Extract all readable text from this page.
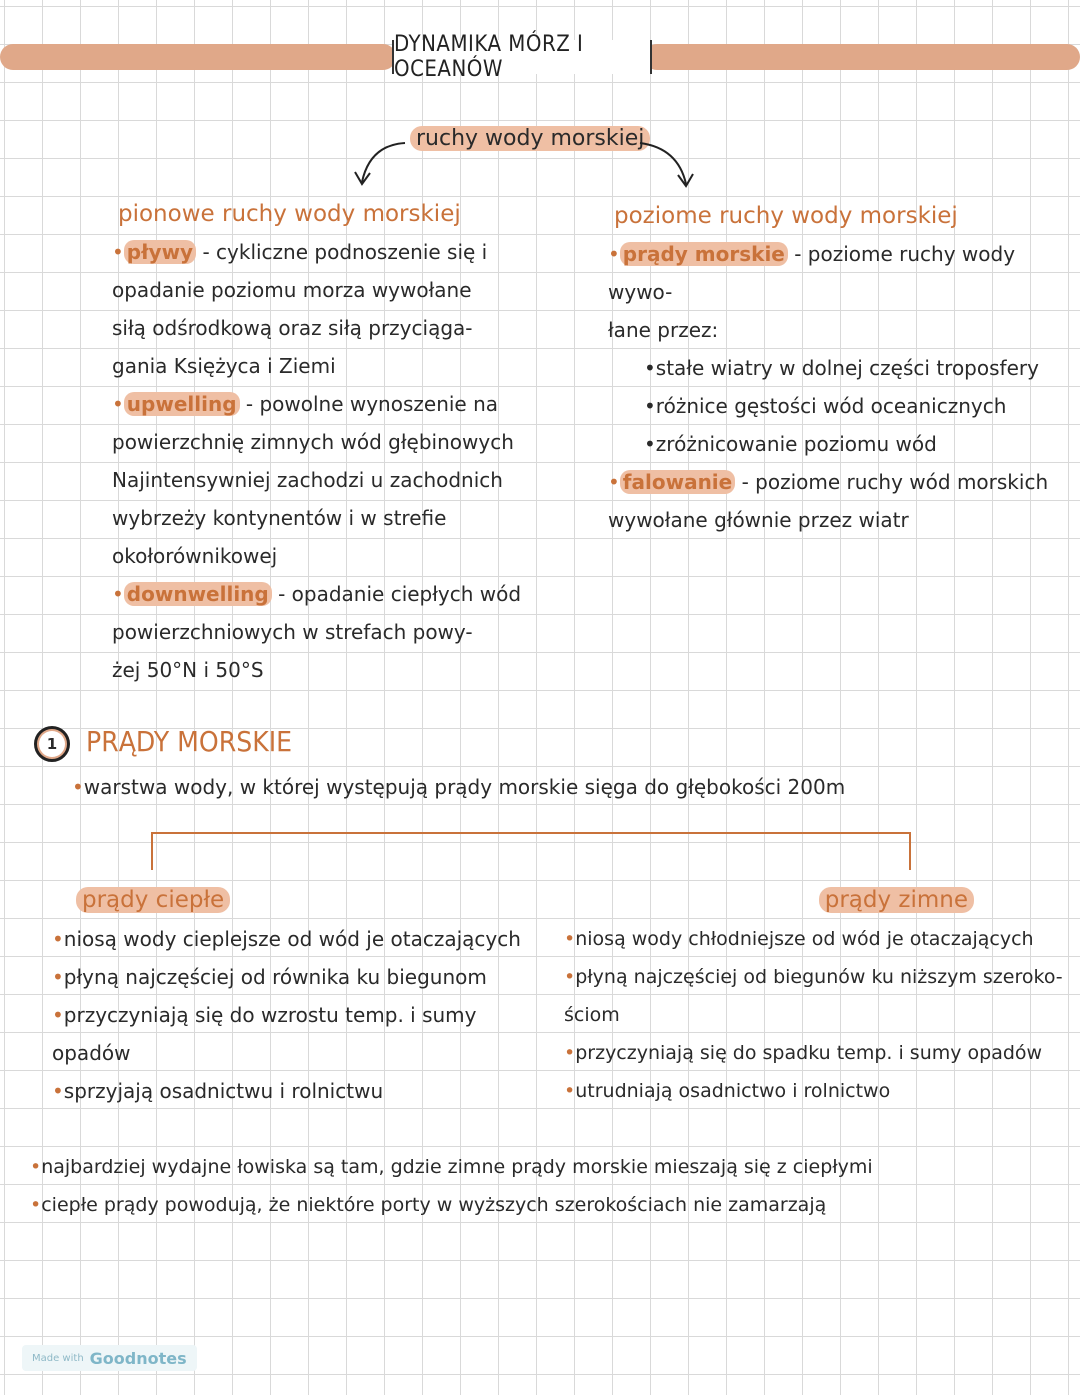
DYNAMIKA MÓRZ I OCEANÓW
ruchy wody morskiej
pionowe ruchy wody morskiej
• pływy - cykliczne podnoszenie się i
opadanie poziomu morza wywołane
siłą odśrodkową oraz siłą przyciąga-
gania Księżyca i Ziemi
• upwelling - powolne wynoszenie na
powierzchnię zimnych wód głębinowych
Najintensywniej zachodzi u zachodnich
wybrzeży kontynentów i w strefie
okołorównikowej
• downwelling - opadanie ciepłych wód
powierzchniowych w strefach powy-
żej 50°N i 50°S
poziome ruchy wody morskiej
• prądy morskie - poziome ruchy wody wywo-
łane przez:
•stałe wiatry w dolnej części troposfery
•różnice gęstości wód oceanicznych
•zróżnicowanie poziomu wód
• falowanie - poziome ruchy wód morskich
wywołane głównie przez wiatr
1 PRĄDY MORSKIE
•warstwa wody, w której występują prądy morskie sięga do głębokości 200m
prądy ciepłe
•niosą wody cieplejsze od wód je otaczających
•płyną najczęściej od równika ku biegunom
•przyczyniają się do wzrostu temp. i sumy
opadów
•sprzyjają osadnictwu i rolnictwu
prądy zimne
•niosą wody chłodniejsze od wód je otaczających
•płyną najczęściej od biegunów ku niższym szeroko-
ściom
•przyczyniają się do spadku temp. i sumy opadów
•utrudniają osadnictwo i rolnictwo
•najbardziej wydajne łowiska są tam, gdzie zimne prądy morskie mieszają się z ciepłymi
•ciepłe prądy powodują, że niektóre porty w wyższych szerokościach nie zamarzają
Made with Goodnotes
